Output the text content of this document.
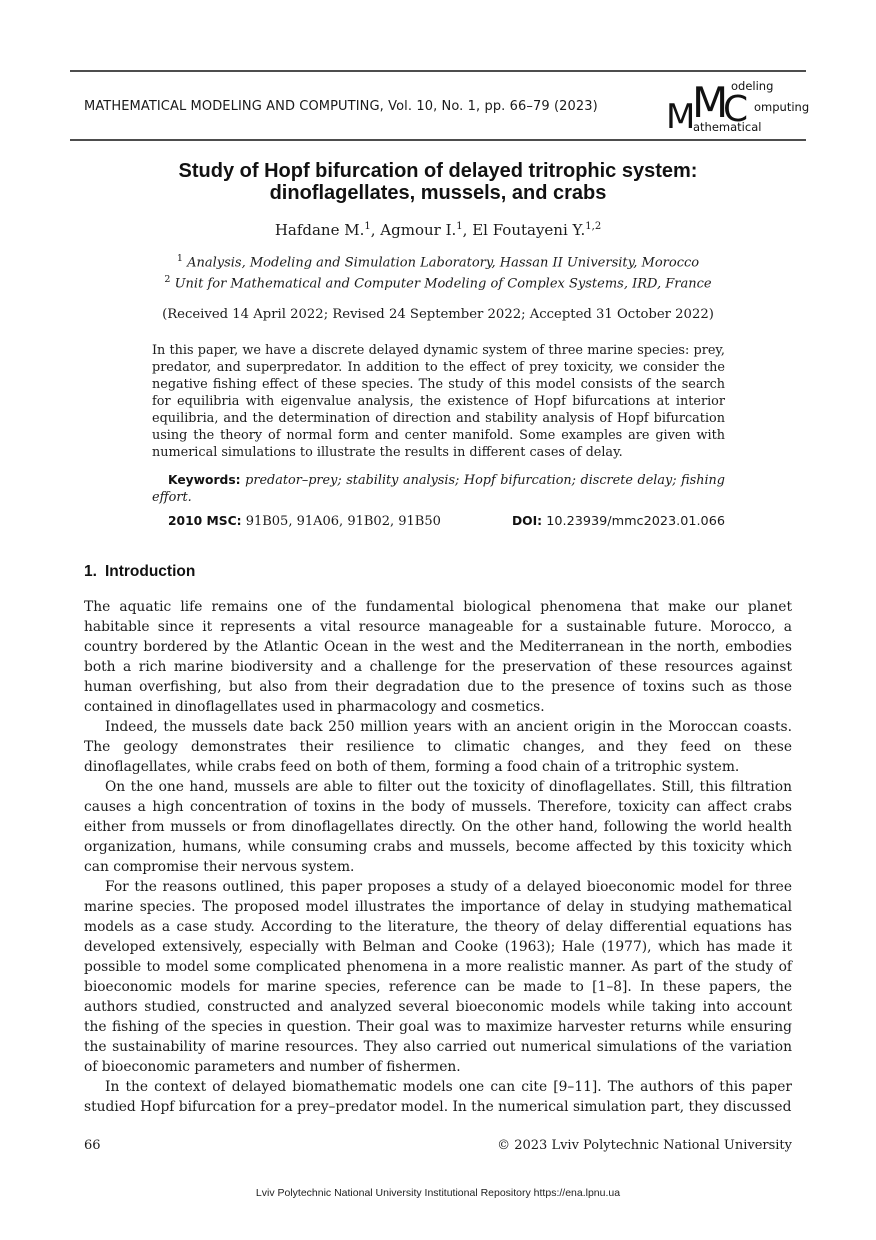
MATHEMATICAL MODELING AND COMPUTING, Vol. 10, No. 1, pp. 66–79 (2023) M
odeling
M
C omputing
athematical
Study of Hopf bifurcation of delayed tritrophic system:
dinoflagellates, mussels, and crabs
Hafdane M.$^1$, Agmour I.$^1$, El Foutayeni Y.$^{1,2}$
$^1$ Analysis, Modeling and Simulation Laboratory, Hassan II University, Morocco
$^2$ Unit for Mathematical and Computer Modeling of Complex Systems, IRD, France
(Received 14 April 2022; Revised 24 September 2022; Accepted 31 October 2022)
In this paper, we have a discrete delayed dynamic system of three marine species: prey, predator, and superpredator. In addition to the effect of prey toxicity, we consider the negative fishing effect of these species. The study of this model consists of the search for equilibria with eigenvalue analysis, the existence of Hopf bifurcations at interior equilibria, and the determination of direction and stability analysis of Hopf bifurcation using the theory of normal form and center manifold. Some examples are given with numerical simulations to illustrate the results in different cases of delay.

Keywords: predator–prey; stability analysis; Hopf bifurcation; discrete delay; fishing effort.

2010 MSC: 91B05, 91A06, 91B02, 91B50	DOI: 10.23939/mmc2023.01.066
1. Introduction

The aquatic life remains one of the fundamental biological phenomena that make our planet habitable since it represents a vital resource manageable for a sustainable future. Morocco, a country bordered by the Atlantic Ocean in the west and the Mediterranean in the north, embodies both a rich marine biodiversity and a challenge for the preservation of these resources against human overfishing, but also from their degradation due to the presence of toxins such as those contained in dinoflagellates used in pharmacology and cosmetics.

Indeed, the mussels date back 250 million years with an ancient origin in the Moroccan coasts. The geology demonstrates their resilience to climatic changes, and they feed on these dinoflagellates, while crabs feed on both of them, forming a food chain of a tritrophic system.

On the one hand, mussels are able to filter out the toxicity of dinoflagellates. Still, this filtration causes a high concentration of toxins in the body of mussels. Therefore, toxicity can affect crabs either from mussels or from dinoflagellates directly. On the other hand, following the world health organization, humans, while consuming crabs and mussels, become affected by this toxicity which can compromise their nervous system.

For the reasons outlined, this paper proposes a study of a delayed bioeconomic model for three marine species. The proposed model illustrates the importance of delay in studying mathematical models as a case study. According to the literature, the theory of delay differential equations has developed extensively, especially with Belman and Cooke (1963); Hale (1977), which has made it possible to model some complicated phenomena in a more realistic manner. As part of the study of bioeconomic models for marine species, reference can be made to [1–8]. In these papers, the authors studied, constructed and analyzed several bioeconomic models while taking into account the fishing of the species in question. Their goal was to maximize harvester returns while ensuring the sustainability of marine resources. They also carried out numerical simulations of the variation of bioeconomic parameters and number of fishermen.

In the context of delayed biomathematic models one can cite [9–11]. The authors of this paper studied Hopf bifurcation for a prey–predator model. In the numerical simulation part, they discussed

66	© 2023 Lviv Polytechnic National University
Lviv Polytechnic National University Institutional Repository https://ena.lpnu.ua
